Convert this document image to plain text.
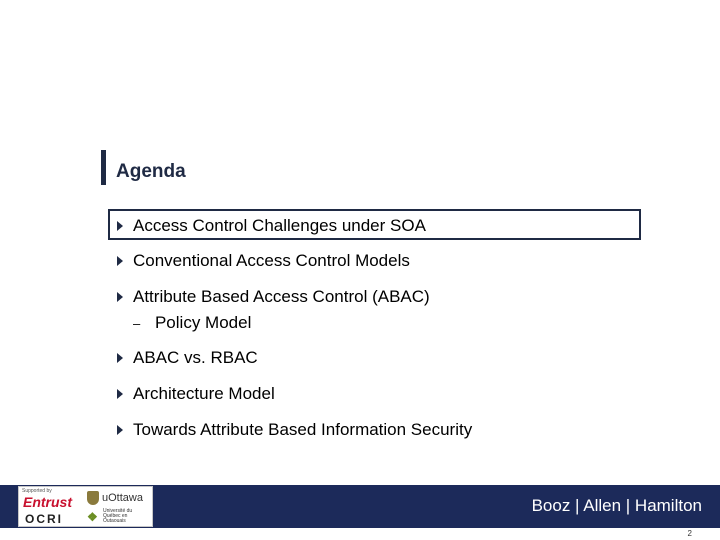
Agenda
Access Control Challenges under SOA
Conventional Access Control Models
Attribute Based Access Control (ABAC)
– Policy Model
ABAC vs. RBAC
Architecture Model
Towards Attribute Based Information Security
Supported by
Entrust
OCRI
uOttawa
❖ Université du Québec en Outaouais
Booz | Allen | Hamilton
2
